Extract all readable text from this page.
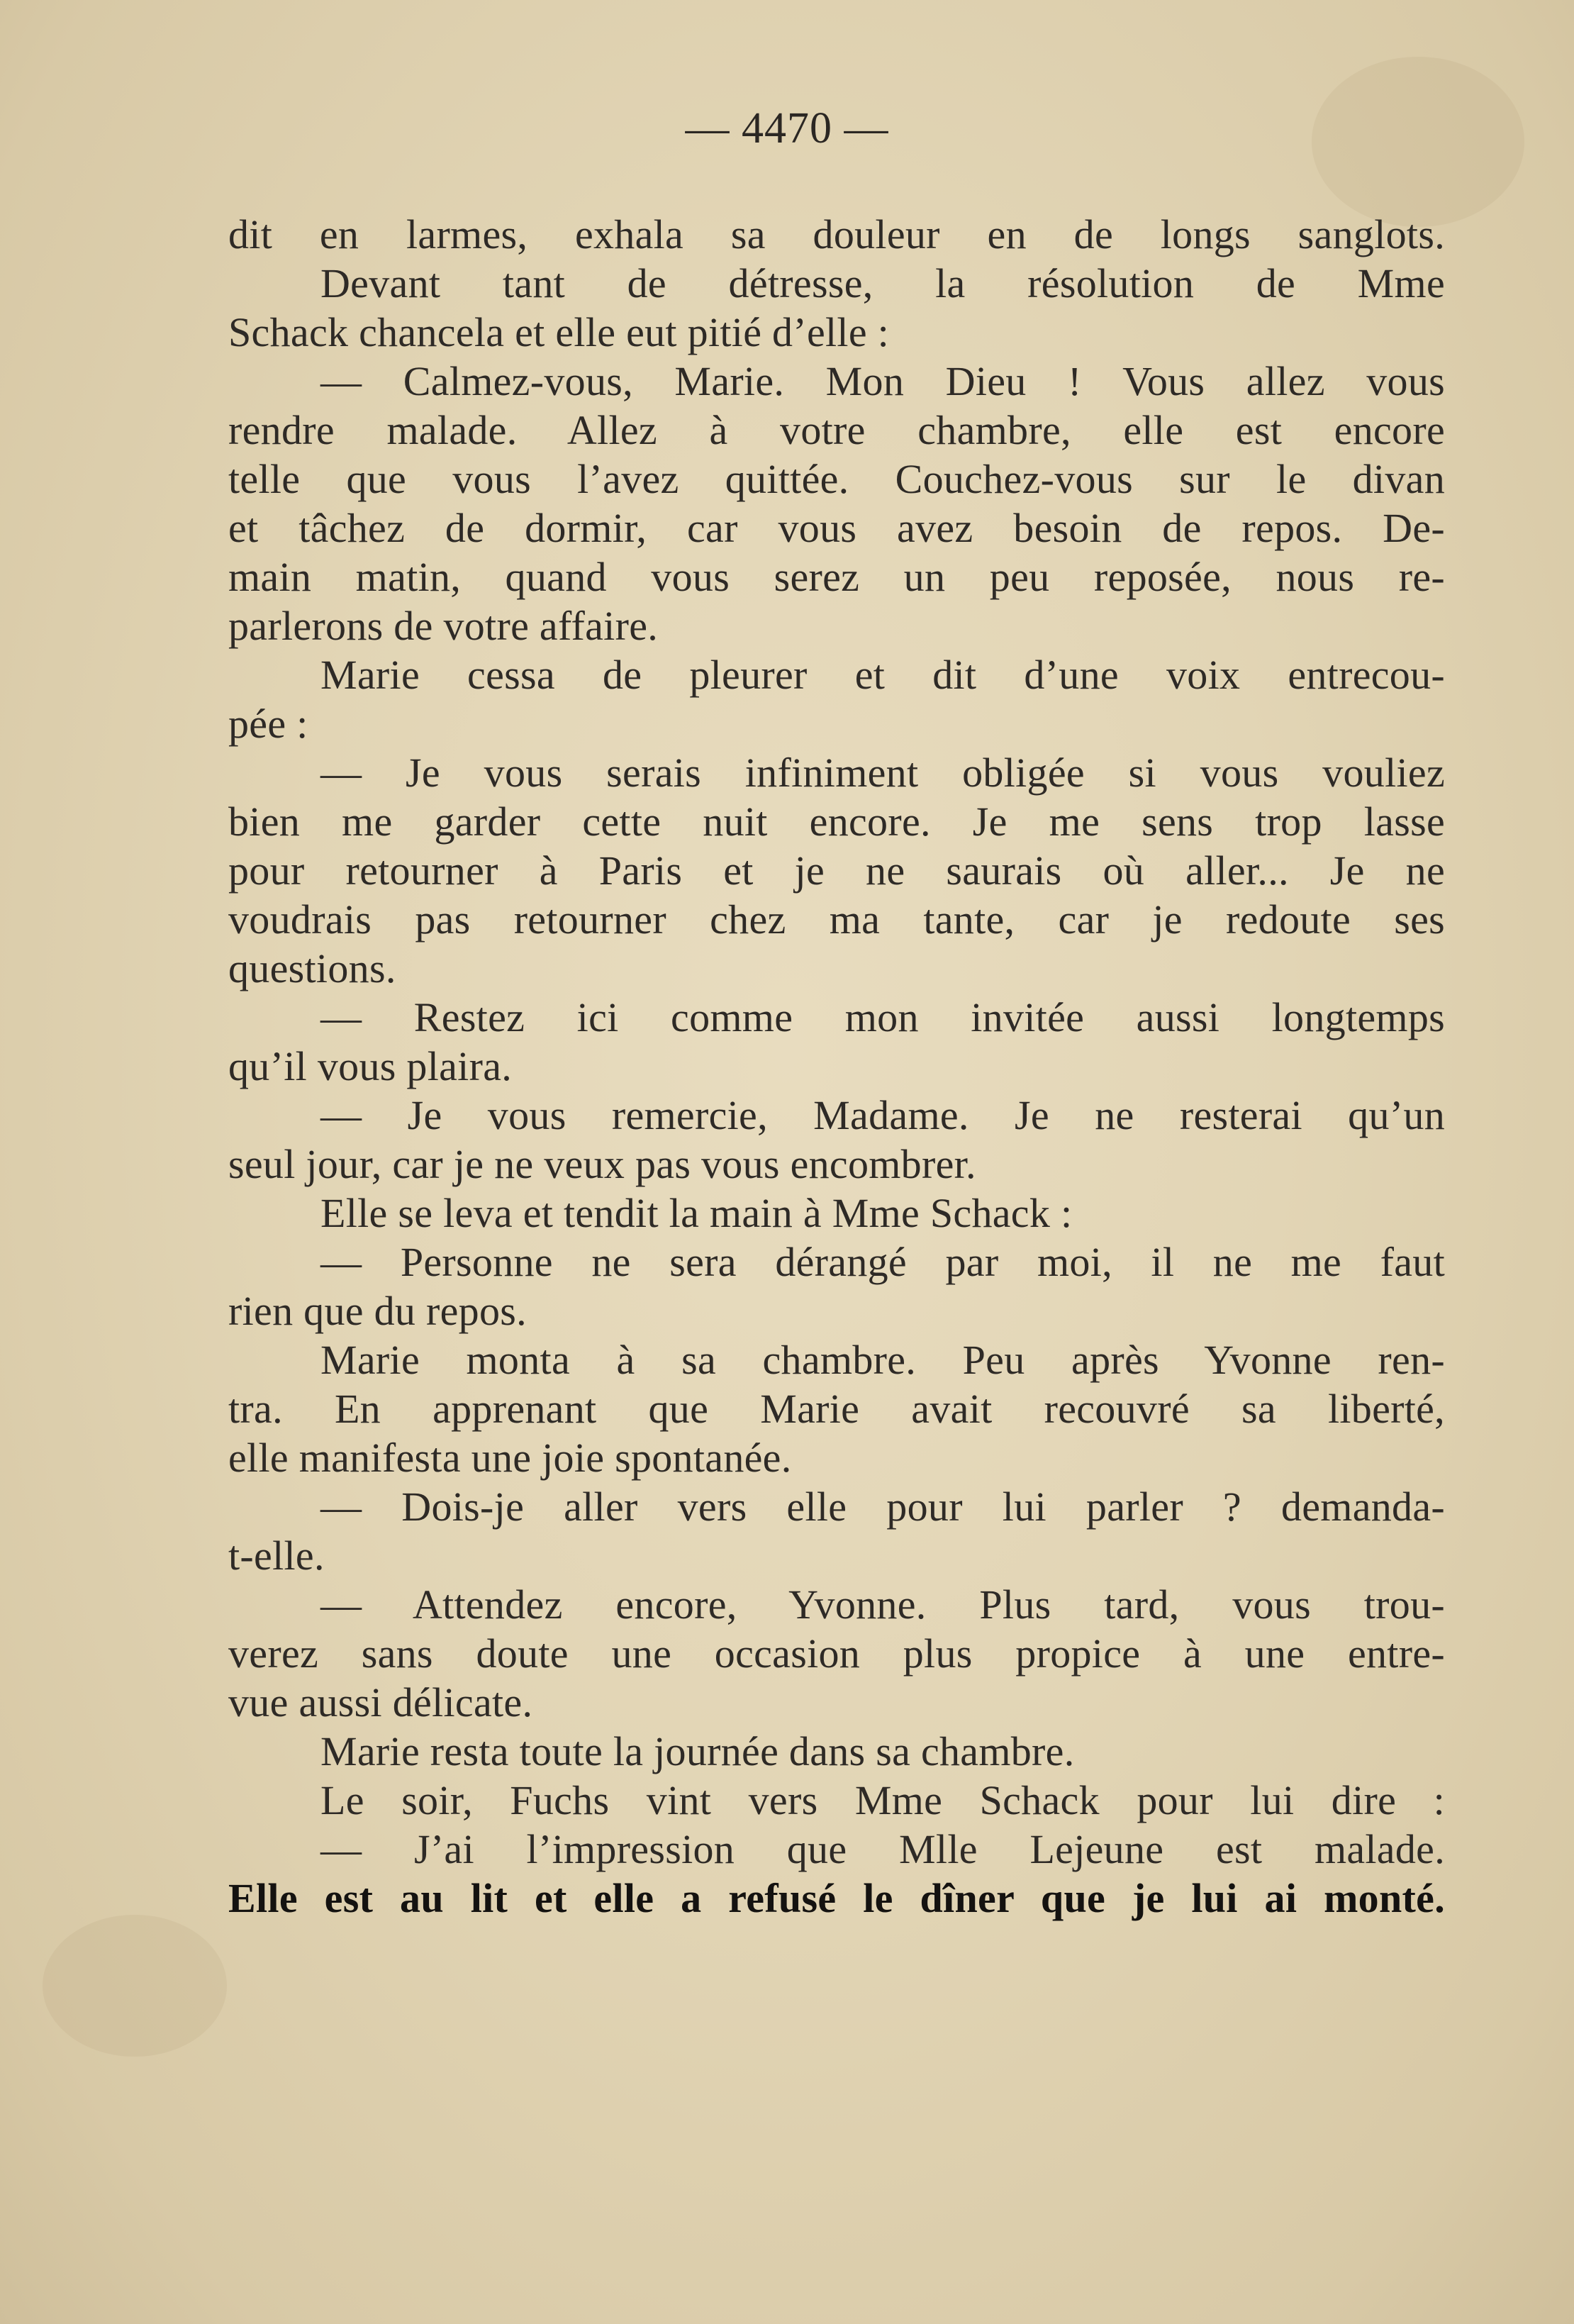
— 4470 —
dit en larmes, exhala sa douleur en de longs sanglots.
Devant tant de détresse, la résolution de Mme
Schack chancela et elle eut pitié d’elle :
— Calmez-vous, Marie. Mon Dieu ! Vous allez vous
rendre malade. Allez à votre chambre, elle est encore
telle que vous l’avez quittée. Couchez-vous sur le divan
et tâchez de dormir, car vous avez besoin de repos. De-
main matin, quand vous serez un peu reposée, nous re-
parlerons de votre affaire.
Marie cessa de pleurer et dit d’une voix entrecou-
pée :
— Je vous serais infiniment obligée si vous vouliez
bien me garder cette nuit encore. Je me sens trop lasse
pour retourner à Paris et je ne saurais où aller... Je ne
voudrais pas retourner chez ma tante, car je redoute ses
questions.
— Restez ici comme mon invitée aussi longtemps
qu’il vous plaira.
— Je vous remercie, Madame. Je ne resterai qu’un
seul jour, car je ne veux pas vous encombrer.
Elle se leva et tendit la main à Mme Schack :
— Personne ne sera dérangé par moi, il ne me faut
rien que du repos.
Marie monta à sa chambre. Peu après Yvonne ren-
tra. En apprenant que Marie avait recouvré sa liberté,
elle manifesta une joie spontanée.
— Dois-je aller vers elle pour lui parler ? demanda-
t-elle.
— Attendez encore, Yvonne. Plus tard, vous trou-
verez sans doute une occasion plus propice à une entre-
vue aussi délicate.
Marie resta toute la journée dans sa chambre.
Le soir, Fuchs vint vers Mme Schack pour lui dire :
— J’ai l’impression que Mlle Lejeune est malade.
Elle est au lit et elle a refusé le dîner que je lui ai monté.
